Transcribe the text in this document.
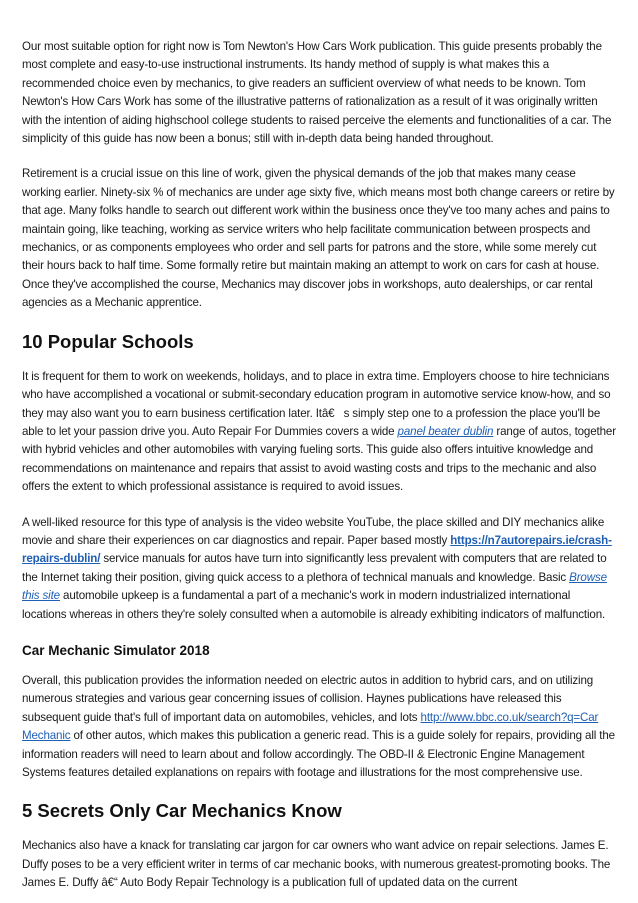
Our most suitable option for right now is Tom Newton's How Cars Work publication. This guide presents probably the most complete and easy-to-use instructional instruments. Its handy method of supply is what makes this a recommended choice even by mechanics, to give readers an sufficient overview of what needs to be known. Tom Newton's How Cars Work has some of the illustrative patterns of rationalization as a result of it was originally written with the intention of aiding highschool college students to raised perceive the elements and functionalities of a car. The simplicity of this guide has now been a bonus; still with in-depth data being handed throughout.

Retirement is a crucial issue on this line of work, given the physical demands of the job that makes many cease working earlier. Ninety-six % of mechanics are under age sixty five, which means most both change careers or retire by that age. Many folks handle to search out different work within the business once they've too many aches and pains to maintain going, like teaching, working as service writers who help facilitate communication between prospects and mechanics, or as components employees who order and sell parts for patrons and the store, while some merely cut their hours back to half time. Some formally retire but maintain making an attempt to work on cars for cash at house. Once they've accomplished the course, Mechanics may discover jobs in workshops, auto dealerships, or car rental agencies as a Mechanic apprentice.

10 Popular Schools

It is frequent for them to work on weekends, holidays, and to place in extra time. Employers choose to hire technicians who have accomplished a vocational or submit-secondary education program in automotive service know-how, and so they may also want you to earn business certification later. Itâ€s simply step one to a profession the place you'll be able to let your passion drive you. Auto Repair For Dummies covers a wide panel beater dublin range of autos, together with hybrid vehicles and other automobiles with varying fueling sorts. This guide also offers intuitive knowledge and recommendations on maintenance and repairs that assist to avoid wasting costs and trips to the mechanic and also offers the extent to which professional assistance is required to avoid issues.

A well-liked resource for this type of analysis is the video website YouTube, the place skilled and DIY mechanics alike movie and share their experiences on car diagnostics and repair. Paper based mostly https://n7autorepairs.ie/crash-repairs-dublin/ service manuals for autos have turn into significantly less prevalent with computers that are related to the Internet taking their position, giving quick access to a plethora of technical manuals and knowledge. Basic Browse this site automobile upkeep is a fundamental a part of a mechanic's work in modern industrialized international locations whereas in others they're solely consulted when a automobile is already exhibiting indicators of malfunction.

Car Mechanic Simulator 2018

Overall, this publication provides the information needed on electric autos in addition to hybrid cars, and on utilizing numerous strategies and various gear concerning issues of collision. Haynes publications have released this subsequent guide that's full of important data on automobiles, vehicles, and lots http://www.bbc.co.uk/search?q=Car Mechanic of other autos, which makes this publication a generic read. This is a guide solely for repairs, providing all the information readers will need to learn about and follow accordingly. The OBD-II & Electronic Engine Management Systems features detailed explanations on repairs with footage and illustrations for the most comprehensive use.

5 Secrets Only Car Mechanics Know

Mechanics also have a knack for translating car jargon for car owners who want advice on repair selections. James E. Duffy poses to be a very efficient writer in terms of car mechanic books, with numerous greatest-promoting books. The James E. Duffy â€“ Auto Body Repair Technology is a publication full of updated data on the current
